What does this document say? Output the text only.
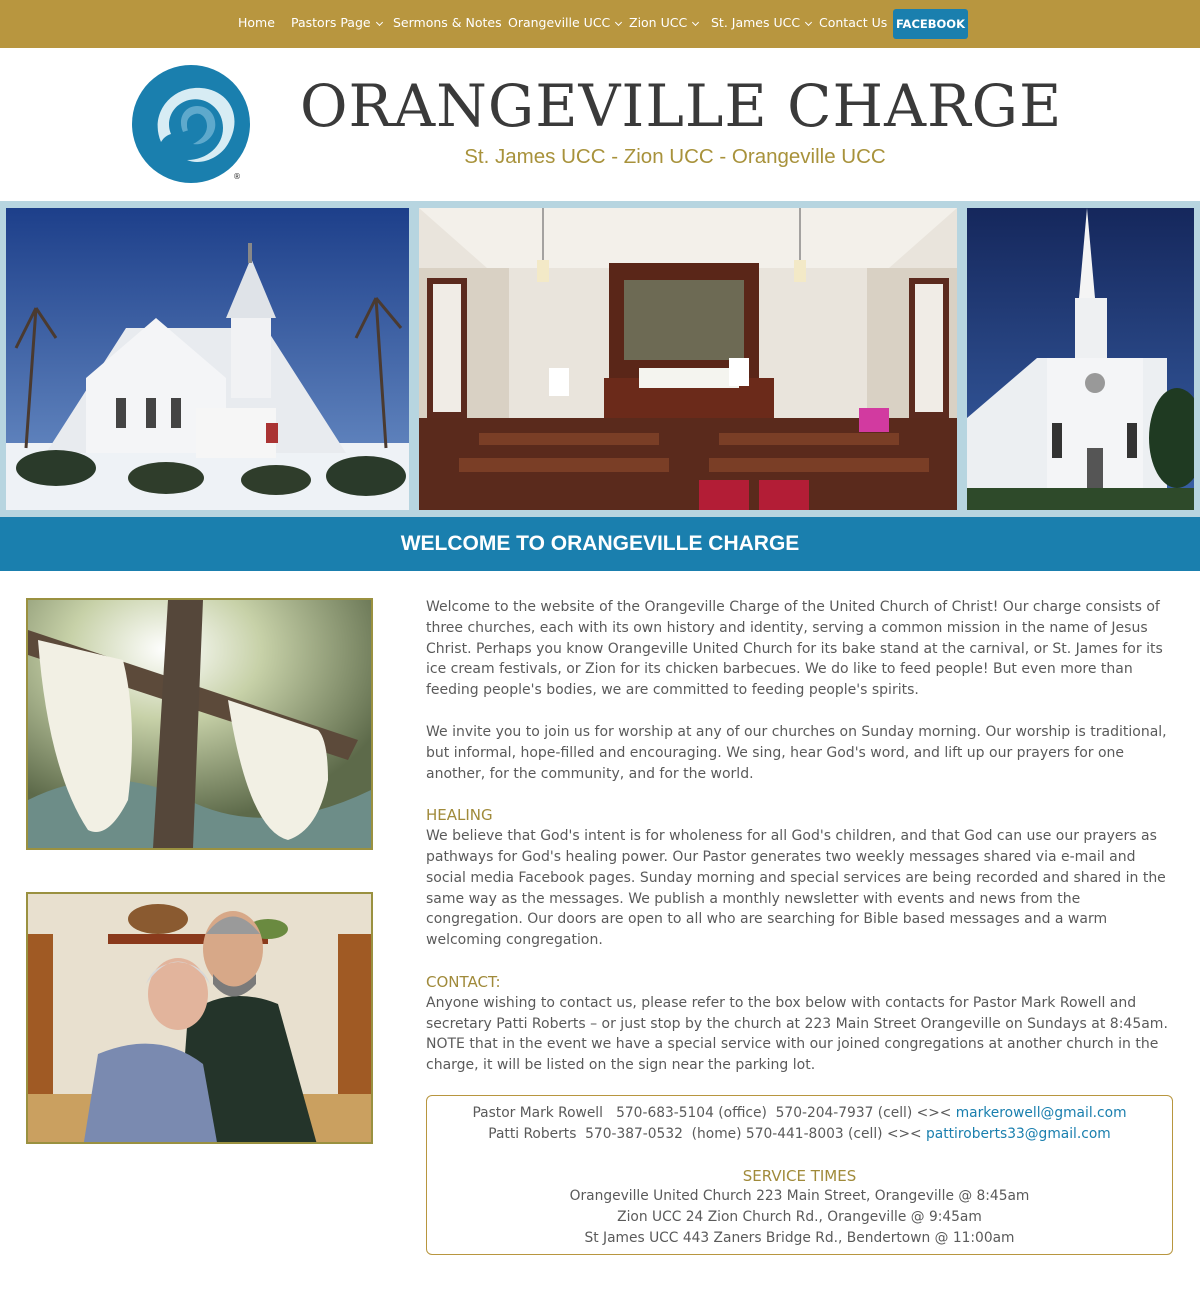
Home Pastors Page	Sermons & Notes Orangeville UCC	Zion UCC	St. James UCC	Contact Us FACEBOOK
®
ORANGEVILLE CHARGE
St. James UCC - Zion UCC - Orangeville UCC
WELCOME TO ORANGEVILLE CHARGE

Welcome to the website of the Orangeville Charge of the United Church of Christ! Our charge consists of three churches, each with its own history and identity, serving a common mission in the name of Jesus Christ. Perhaps you know Orangeville United Church for its bake stand at the carnival, or St. James for its ice cream festivals, or Zion for its chicken barbecues. We do like to feed people! But even more than feeding people's bodies, we are committed to feeding people's spirits.

We invite you to join us for worship at any of our churches on Sunday morning. Our worship is traditional, but informal, hope-filled and encouraging. We sing, hear God's word, and lift up our prayers for one another, for the community, and for the world.

HEALING

We believe that God's intent is for wholeness for all God's children, and that God can use our prayers as pathways for God's healing power. Our Pastor generates two weekly messages shared via e-mail and social media Facebook pages. Sunday morning and special services are being recorded and shared in the same way as the messages. We publish a monthly newsletter with events and news from the congregation. Our doors are open to all who are searching for Bible based messages and a warm welcoming congregation.

CONTACT:

Anyone wishing to contact us, please refer to the box below with contacts for Pastor Mark Rowell and secretary Patti Roberts – or just stop by the church at 223 Main Street Orangeville on Sundays at 8:45am. NOTE that in the event we have a special service with our joined congregations at another church in the charge, it will be listed on the sign near the parking lot.

Pastor Mark Rowell   570-683-5104 (office)  570-204-7937 (cell) <>< markerowell@gmail.com
Patti Roberts  570-387-0532  (home) 570-441-8003 (cell) <>< pattiroberts33@gmail.com
SERVICE TIMES
Orangeville United Church 223 Main Street, Orangeville @ 8:45am
Zion UCC 24 Zion Church Rd., Orangeville @ 9:45am
St James UCC 443 Zaners Bridge Rd., Bendertown @ 11:00am
